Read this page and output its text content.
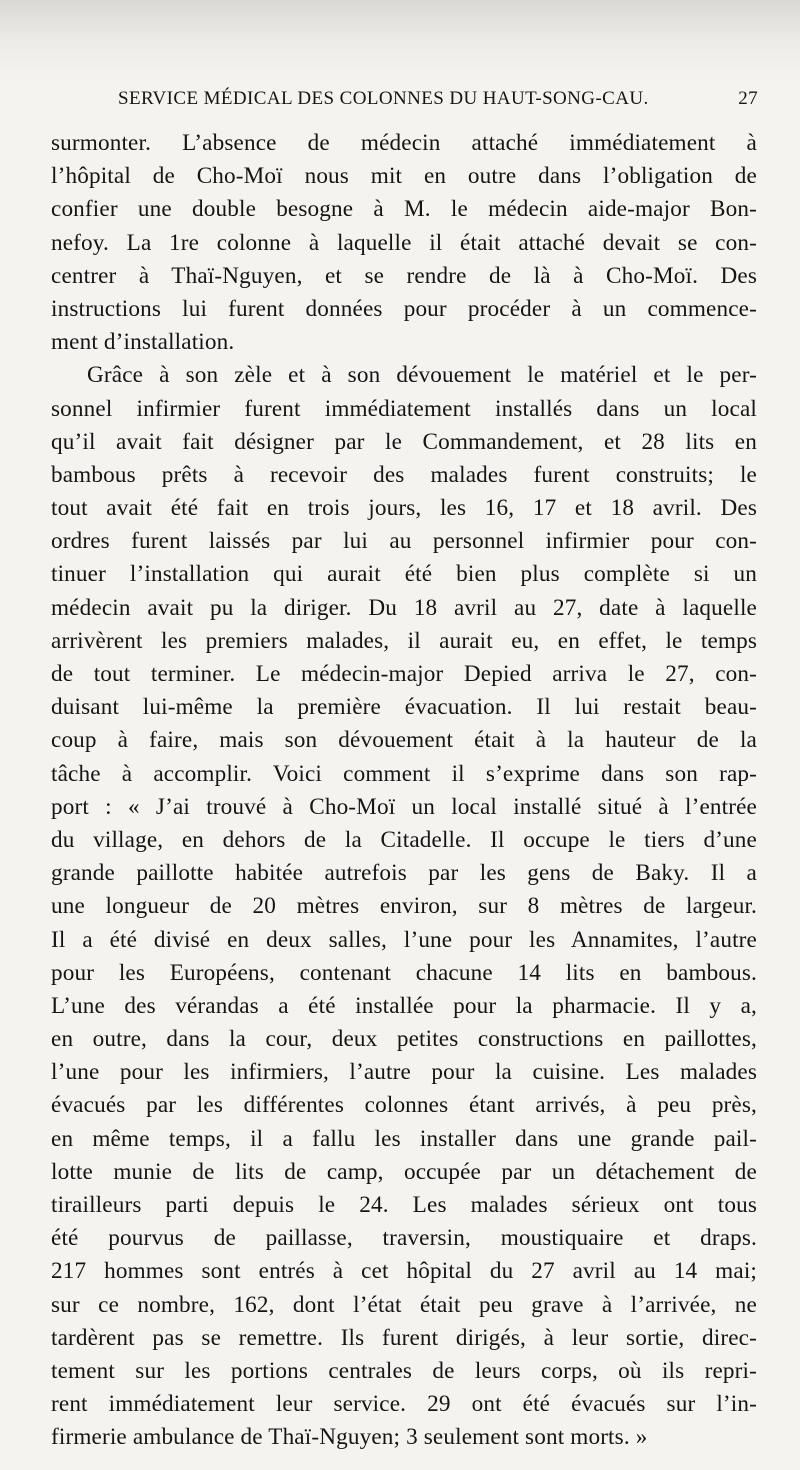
SERVICE MÉDICAL DES COLONNES DU HAUT-SONG-CAU.	27
surmonter. L’absence de médecin attaché immédiatement à
l’hôpital de Cho-Moï nous mit en outre dans l’obligation de
confier une double besogne à M. le médecin aide-major Bon-
nefoy. La 1re colonne à laquelle il était attaché devait se con-
centrer à Thaï-Nguyen, et se rendre de là à Cho-Moï. Des
instructions lui furent données pour procéder à un commence-
ment d’installation.
Grâce à son zèle et à son dévouement le matériel et le per-
sonnel infirmier furent immédiatement installés dans un local
qu’il avait fait désigner par le Commandement, et 28 lits en
bambous prêts à recevoir des malades furent construits; le
tout avait été fait en trois jours, les 16, 17 et 18 avril. Des
ordres furent laissés par lui au personnel infirmier pour con-
tinuer l’installation qui aurait été bien plus complète si un
médecin avait pu la diriger. Du 18 avril au 27, date à laquelle
arrivèrent les premiers malades, il aurait eu, en effet, le temps
de tout terminer. Le médecin-major Depied arriva le 27, con-
duisant lui-même la première évacuation. Il lui restait beau-
coup à faire, mais son dévouement était à la hauteur de la
tâche à accomplir. Voici comment il s’exprime dans son rap-
port : « J’ai trouvé à Cho-Moï un local installé situé à l’entrée
du village, en dehors de la Citadelle. Il occupe le tiers d’une
grande paillotte habitée autrefois par les gens de Baky. Il a
une longueur de 20 mètres environ, sur 8 mètres de largeur.
Il a été divisé en deux salles, l’une pour les Annamites, l’autre
pour les Européens, contenant chacune 14 lits en bambous.
L’une des vérandas a été installée pour la pharmacie. Il y a,
en outre, dans la cour, deux petites constructions en paillottes,
l’une pour les infirmiers, l’autre pour la cuisine. Les malades
évacués par les différentes colonnes étant arrivés, à peu près,
en même temps, il a fallu les installer dans une grande pail-
lotte munie de lits de camp, occupée par un détachement de
tirailleurs parti depuis le 24. Les malades sérieux ont tous
été pourvus de paillasse, traversin, moustiquaire et draps.
217 hommes sont entrés à cet hôpital du 27 avril au 14 mai;
sur ce nombre, 162, dont l’état était peu grave à l’arrivée, ne
tardèrent pas se remettre. Ils furent dirigés, à leur sortie, direc-
tement sur les portions centrales de leurs corps, où ils repri-
rent immédiatement leur service. 29 ont été évacués sur l’in-
firmerie ambulance de Thaï-Nguyen; 3 seulement sont morts. »
